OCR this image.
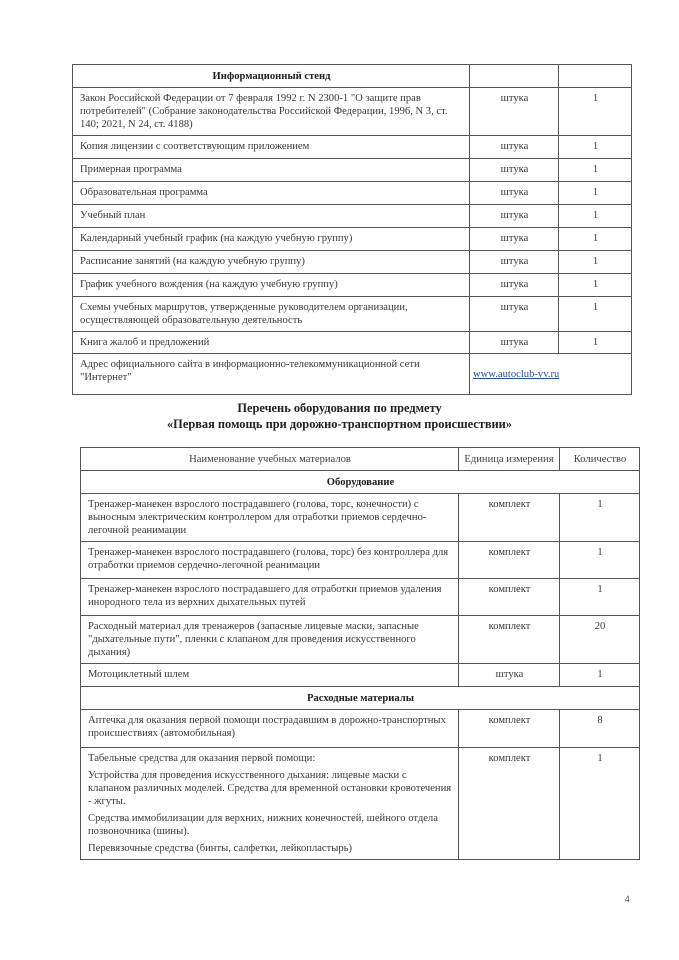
Информационный стенд		
Закон Российской Федерации от 7 февраля 1992 г. N 2300-1 "О защите прав потребителей" (Собрание законодательства Российской Федерации, 1996, N 3, ст. 140; 2021, N 24, ст. 4188)	штука	1
Копия лицензии с соответствующим приложением	штука	1
Примерная программа	штука	1
Образовательная программа	штука	1
Учебный план	штука	1
Календарный учебный график (на каждую учебную группу)	штука	1
Расписание занятий (на каждую учебную группу)	штука	1
График учебного вождения (на каждую учебную группу)	штука	1
Схемы учебных маршрутов, утвержденные руководителем организации, осуществляющей образовательную деятельность	штука	1
Книга жалоб и предложений	штука	1
Адрес официального сайта в информационно-телекоммуникационной сети "Интернет"	www.autoclub-vv.ru	
Перечень оборудования по предмету
«Первая помощь при дорожно-транспортном происшествии»
Наименование учебных материалов	Единица измерения	Количество
Оборудование		
Тренажер-манекен взрослого пострадавшего (голова, торс, конечности) с выносным электрическим контроллером для отработки приемов сердечно-легочной реанимации	комплект	1
Тренажер-манекен взрослого пострадавшего (голова, торс) без контроллера для отработки приемов сердечно-легочной реанимации	комплект	1
Тренажер-манекен взрослого пострадавшего для отработки приемов удаления инородного тела из верхних дыхательных путей	комплект	1
Расходный материал для тренажеров (запасные лицевые маски, запасные "дыхательные пути", пленки с клапаном для проведения искусственного дыхания)	комплект	20
Мотоциклетный шлем	штука	1
Расходные материалы		
Аптечка для оказания первой помощи пострадавшим в дорожно-транспортных происшествиях (автомобильная)	комплект	8

Табельные средства для оказания первой помощи:

Устройства для проведения искусственного дыхания: лицевые маски с клапаном различных моделей. Средства для временной остановки кровотечения - жгуты.

Средства иммобилизации для верхних, нижних конечностей, шейного отдела позвоночника (шины).

Перевязочные средства (бинты, салфетки, лейкопластырь)	комплект	1
4
